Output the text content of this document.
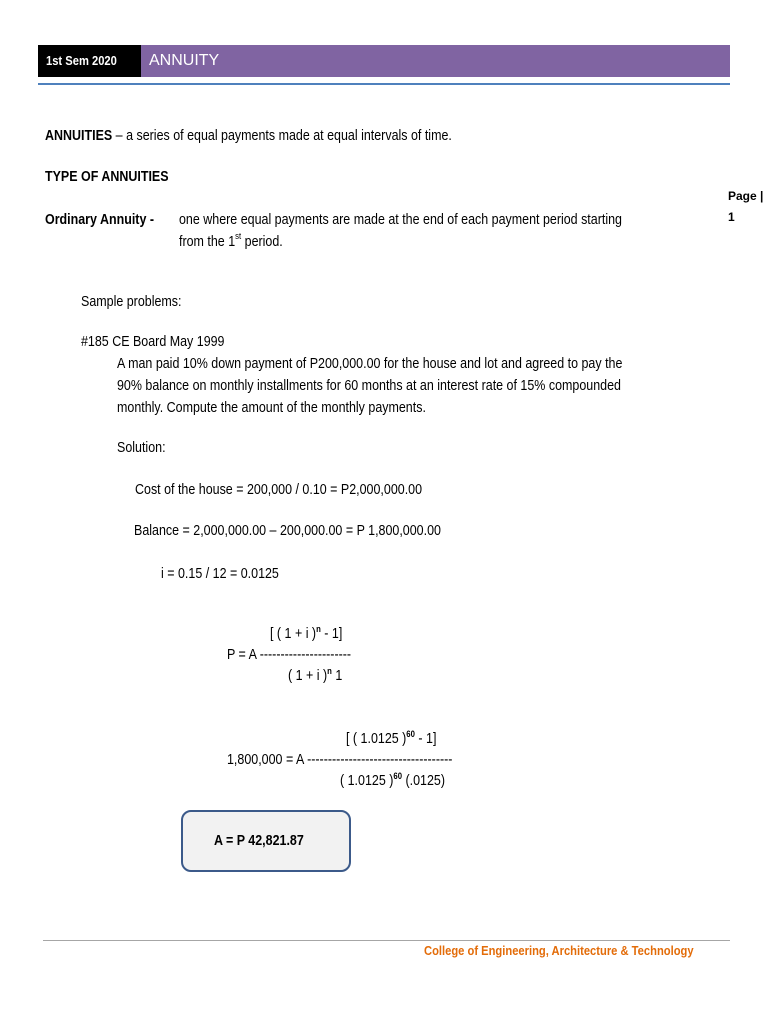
1st Sem 2020	ANNUITY
Page |
1
ANNUITIES – a series of equal payments made at equal intervals of time.
TYPE OF ANNUITIES
Ordinary Annuity - one where equal payments are made at the end of each payment period starting
from the 1st period.
Sample problems:
#185 CE Board May 1999
A man paid 10% down payment of P200,000.00 for the house and lot and agreed to pay the
90% balance on monthly installments for 60 months at an interest rate of 15% compounded
monthly. Compute the amount of the monthly payments.
Solution:
Cost of the house = 200,000 / 0.10 = P2,000,000.00
Balance = 2,000,000.00 – 200,000.00 = P 1,800,000.00
i = 0.15 / 12 = 0.0125
[ ( 1 + i )$^n$ - 1]
P = A ----------------------
( 1 + i )$^n$ 1
[ ( 1.0125 )$^{60}$ - 1]
1,800,000 = A -----------------------------------
( 1.0125 )$^{60}$ (.0125)
A = P 42,821.87
College of Engineering, Architecture & Technology
